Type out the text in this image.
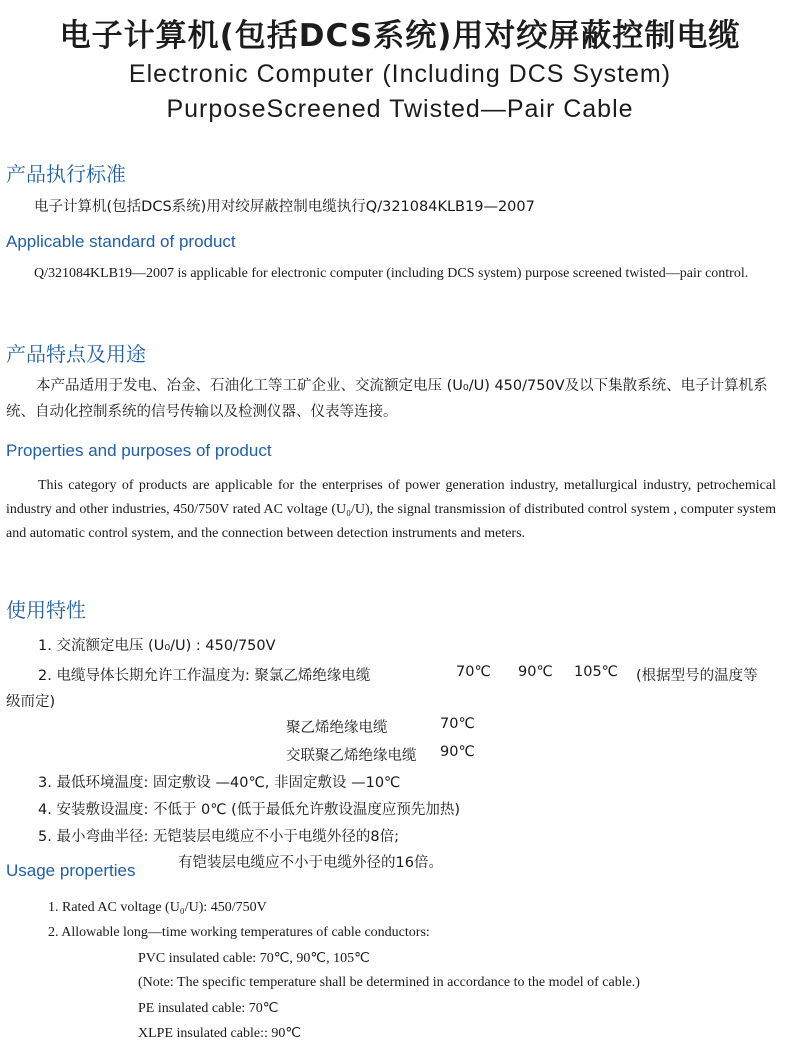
电子计算机(包括DCS系统)用对绞屏蔽控制电缆
Electronic Computer (Including DCS System)
PurposeScreened Twisted—Pair Cable
产品执行标准
电子计算机(包括DCS系统)用对绞屏蔽控制电缆执行Q/321084KLB19—2007
Applicable standard of product
Q/321084KLB19—2007 is applicable for electronic computer (including DCS system) purpose screened twisted—pair control.
产品特点及用途
本产品适用于发电、冶金、石油化工等工矿企业、交流额定电压 (U₀/U) 450/750V及以下集散系统、电子计算机系统、自动化控制系统的信号传输以及检测仪器、仪表等连接。
Properties and purposes of product
This category of products are applicable for the enterprises of power generation industry, metallurgical industry, petrochemical industry and other industries, 450/750V rated AC voltage (U₀/U), the signal transmission of distributed control system , computer system and automatic control system, and the connection between detection instruments and meters.
使用特性
1. 交流额定电压 (U₀/U) : 450/750V
2. 电缆导体长期允许工作温度为: 聚氯乙烯绝缘电缆	70℃ 90℃ 105℃ (根据型号的温度等
级而定)
聚乙烯绝缘电缆	70℃
交联聚乙烯绝缘电缆 90℃
3. 最低环境温度: 固定敷设 —40℃, 非固定敷设 —10℃
4. 安装敷设温度: 不低于 0℃ (低于最低允许敷设温度应预先加热)
5. 最小弯曲半径: 无铠装层电缆应不小于电缆外径的8倍;
有铠装层电缆应不小于电缆外径的16倍。
Usage properties
1. Rated AC voltage (U₀/U): 450/750V
2. Allowable long—time working temperatures of cable conductors:
PVC insulated cable: 70℃, 90℃, 105℃
(Note: The specific temperature shall be determined in accordance to the model of cable.)
PE insulated cable: 70℃
XLPE insulated cable:: 90℃
